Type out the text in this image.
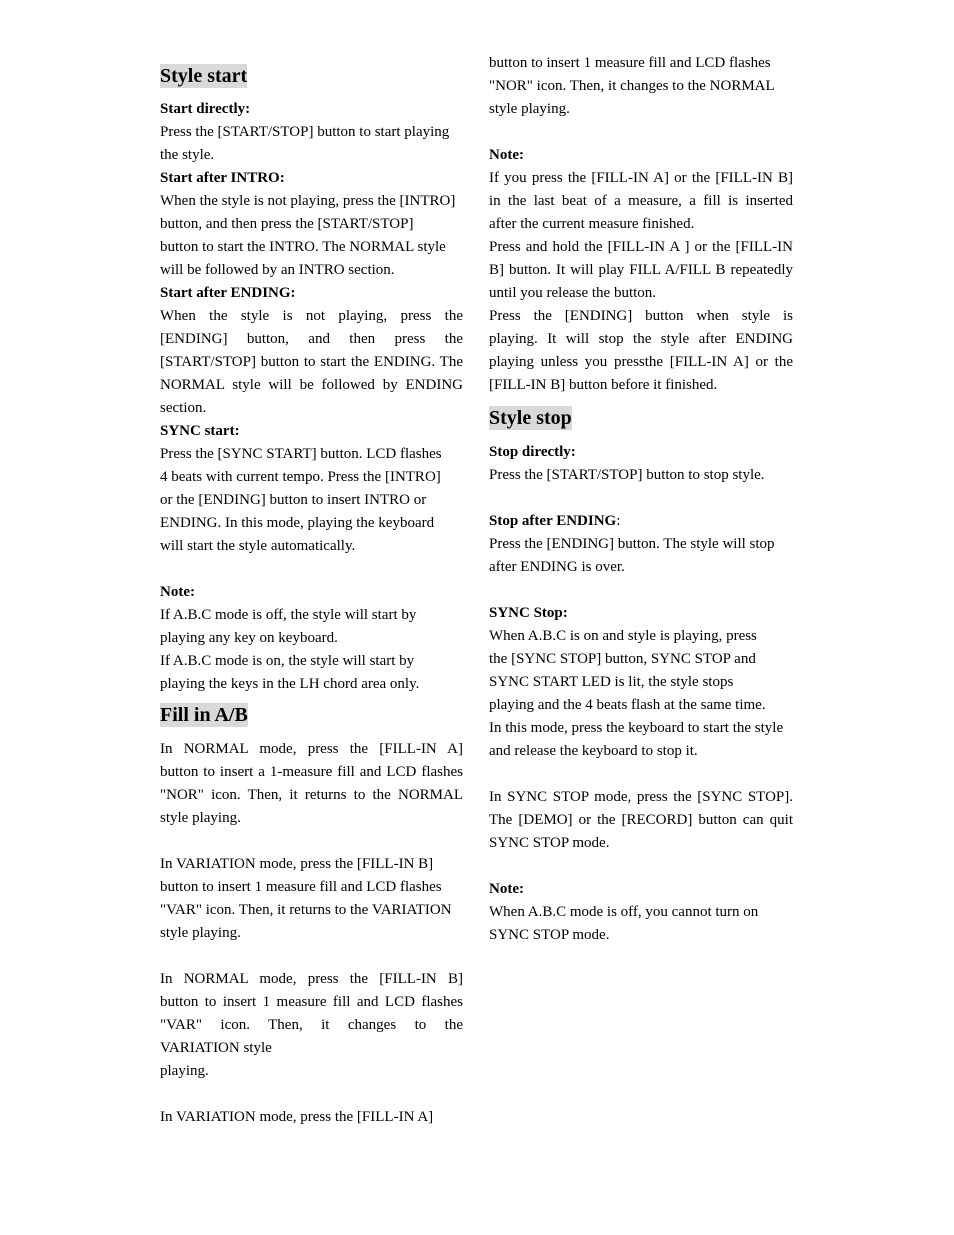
Style start
Start directly:
Press the [START/STOP] button to start playing
the style.
Start after INTRO:
When the style is not playing, press the [INTRO]
button, and then press the [START/STOP]
button to start the INTRO. The NORMAL style
will be followed by an INTRO section.
Start after ENDING:
When the style is not playing, press the
[ENDING] button, and then press the
[START/STOP] button to start the ENDING. The
NORMAL style will be followed by ENDING
section.
SYNC start:
Press the [SYNC START] button. LCD flashes
4 beats with current tempo. Press the [INTRO]
or the [ENDING] button to insert INTRO or
ENDING. In this mode, playing the keyboard
will start the style automatically.
Note:
If A.B.C mode is off, the style will start by
playing any key on keyboard.
If A.B.C mode is on, the style will start by
playing the keys in the LH chord area only.
Fill in A/B
In NORMAL mode, press the [FILL-IN A]
button to insert a 1-measure fill and LCD flashes
"NOR" icon. Then, it returns to the NORMAL
style playing.
In VARIATION mode, press the [FILL-IN B]
button to insert 1 measure fill and LCD flashes
"VAR" icon. Then, it returns to the VARIATION
style playing.
In NORMAL mode, press the [FILL-IN B]
button to insert 1 measure fill and LCD flashes
"VAR" icon. Then, it changes to the
VARIATION style
playing.
In VARIATION mode, press the [FILL-IN A]
button to insert 1 measure fill and LCD flashes
"NOR" icon. Then, it changes to the NORMAL
style playing.
Note:
If you press the [FILL-IN A] or the [FILL-IN B]
in the last beat of a measure, a fill is inserted
after the current measure finished.
Press and hold the [FILL-IN A ] or the [FILL-IN
B] button. It will play FILL A/FILL B repeatedly
until you release the button.
Press the [ENDING] button when style is
playing. It will stop the style after ENDING
playing unless you pressthe [FILL-IN A] or the
[FILL-IN B] button before it finished.
Style stop
Stop directly:
Press the [START/STOP] button to stop style.
Stop after ENDING:
Press the [ENDING] button. The style will stop
after ENDING is over.
SYNC Stop:
When A.B.C is on and style is playing, press
the [SYNC STOP] button, SYNC STOP and
SYNC START LED is lit, the style stops
playing and the 4 beats flash at the same time.
In this mode, press the keyboard to start the style
and release the keyboard to stop it.
In SYNC STOP mode, press the [SYNC STOP].
The [DEMO] or the [RECORD] button can quit
SYNC STOP mode.
Note:
When A.B.C mode is off, you cannot turn on
SYNC STOP mode.
